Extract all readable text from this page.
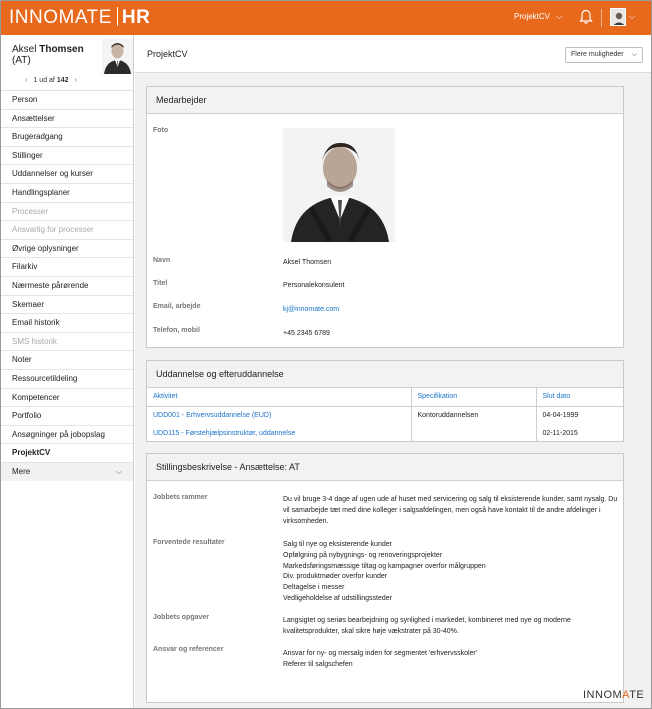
INNOMATE HR	ProjektCV ⌵	⌵
Aksel Thomsen
(AT)
‹ 1 ud af 142 ›
Person
Ansættelser
Brugeradgang
Stillinger
Uddannelser og kurser
Handlingsplaner
Processer
Ansvarlig for processer
Øvrige oplysninger
Filarkiv
Nærmeste pårørende
Skemaer
Email historik
SMS historik
Noter
Ressourcetildeling
Kompetencer
Portfolio
Ansøgninger på jobopslag
ProjektCV
Mere	⌵
ProjektCV	Flere muligheder ⌵
Medarbejder
Foto
Navn	Aksel Thomsen
Titel	Personalekonsulent
Email, arbejde	kj@innomate.com
Telefon, mobil	+45 2345 6789
Uddannelse og efteruddannelse
Aktivitet	Specifikation	Slut dato
UDD001 - Erhvervsuddannelse (EUD)	Kontoruddannelsen	04-04-1999
UDD115 - Førstehjælpsinstruktør, uddannelse		02-11-2015
Stillingsbeskrivelse - Ansættelse: AT
Jobbets rammer	Du vil bruge 3-4 dage af ugen ude af huset med servicering og salg til eksisterende kunder, samt nysalg. Du vil samarbejde tæt med dine kolleger i salgsafdelingen, men også have kontakt til de andre afdelinger i virksomheden.
Forventede resultater	Salg til nye og eksisterende kunder
Opfølgning på nybygnings- og renoveringsprojekter
Markedsføringsmæssige tiltag og kampagner overfor målgruppen
Div. produktmøder overfor kunder
Deltagelse i messer
Vedligeholdelse af udstillingssteder
Jobbets opgaver	Langsigtet og seriøs bearbejdning og synlighed i markedet, kombineret med nye og moderne kvalitetsprodukter, skal sikre høje vækstrater på 30-40%.
Ansvar og referencer
Ansvar for ny- og mersalg inden for segmentet 'erhvervsskoler'
Referer til salgschefen
INNOMATE
